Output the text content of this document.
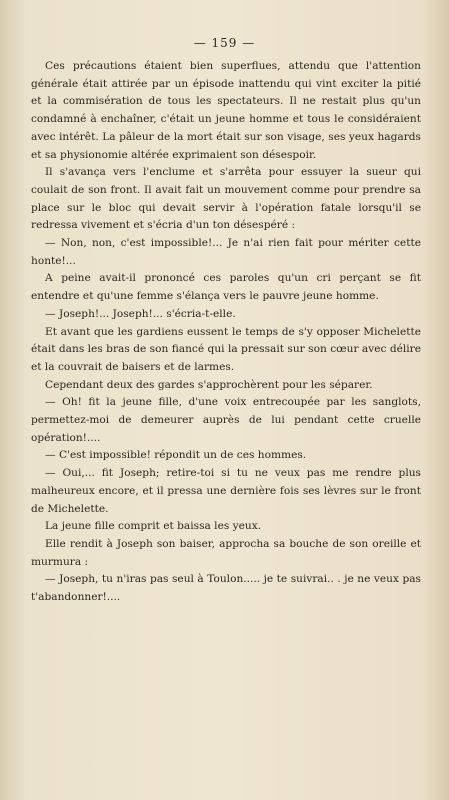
— 159 —

Ces précautions étaient bien superflues, attendu que l'attention générale était attirée par un épisode inattendu qui vint exciter la pitié et la commisération de tous les spectateurs. Il ne restait plus qu'un condamné à enchaîner, c'était un jeune homme et tous le considéraient avec intérêt. La pâleur de la mort était sur son visage, ses yeux hagards et sa physionomie altérée exprimaient son désespoir.

Il s'avança vers l'enclume et s'arrêta pour essuyer la sueur qui coulait de son front. Il avait fait un mouvement comme pour prendre sa place sur le bloc qui devait servir à l'opération fatale lorsqu'il se redressa vivement et s'écria d'un ton désespéré :

— Non, non, c'est impossible!... Je n'ai rien fait pour mériter cette honte!...

A peine avait-il prononcé ces paroles qu'un cri perçant se fit entendre et qu'une femme s'élança vers le pauvre jeune homme.

— Joseph!... Joseph!... s'écria-t-elle.

Et avant que les gardiens eussent le temps de s'y opposer Michelette était dans les bras de son fiancé qui la pressait sur son cœur avec délire et la couvrait de baisers et de larmes.

Cependant deux des gardes s'approchèrent pour les séparer.

— Oh! fit la jeune fille, d'une voix entrecoupée par les sanglots, permettez-moi de demeurer auprès de lui pendant cette cruelle opération!....

— C'est impossible! répondit un de ces hommes.

— Oui,... fit Joseph; retire-toi si tu ne veux pas me rendre plus malheureux encore, et il pressa une dernière fois ses lèvres sur le front de Michelette.

La jeune fille comprit et baissa les yeux.

Elle rendit à Joseph son baiser, approcha sa bouche de son oreille et murmura :

— Joseph, tu n'iras pas seul à Toulon..... je te suivrai.. . je ne veux pas t'abandonner!....
